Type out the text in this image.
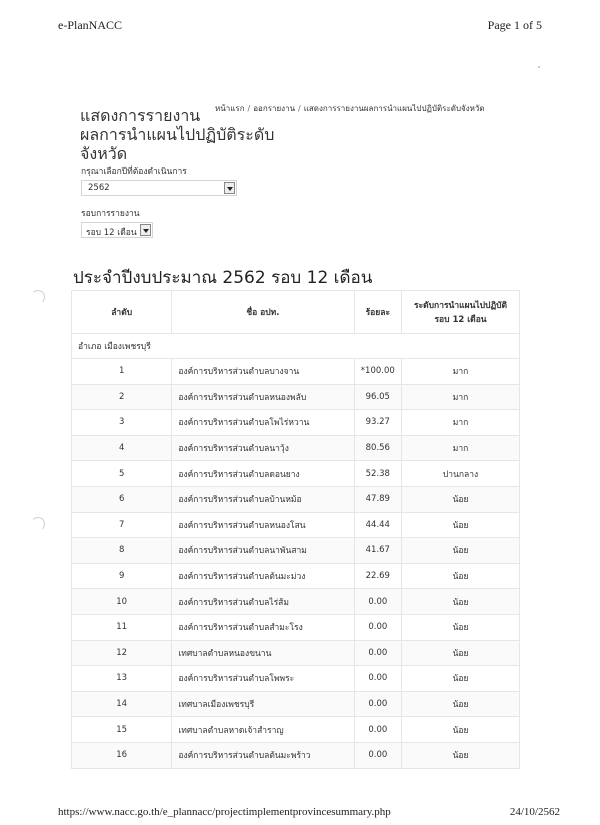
e-PlanNACC	Page 1 of 5
หน้าแรก / ออกรายงาน / แสดงการรายงานผลการนำแผนไปปฏิบัติระดับจังหวัด
แสดงการรายงาน
ผลการนำแผนไปปฏิบัติระดับจังหวัด
กรุณาเลือกปีที่ต้องดำเนินการ
2562
รอบการรายงาน
รอบ 12 เดือน
ประจำปีงบประมาณ 2562 รอบ 12 เดือน
ลำดับ	ชื่อ อปท.	ร้อยละ	ระดับการนำแผนไปปฏิบัติ
รอบ 12 เดือน
อำเภอ เมืองเพชรบุรี			
1	องค์การบริหารส่วนตำบลบางจาน	*100.00	มาก
2	องค์การบริหารส่วนตำบลหนองพลับ	96.05	มาก
3	องค์การบริหารส่วนตำบลโพไร่หวาน	93.27	มาก
4	องค์การบริหารส่วนตำบลนาวุ้ง	80.56	มาก
5	องค์การบริหารส่วนตำบลดอนยาง	52.38	ปานกลาง
6	องค์การบริหารส่วนตำบลบ้านหม้อ	47.89	น้อย
7	องค์การบริหารส่วนตำบลหนองโสน	44.44	น้อย
8	องค์การบริหารส่วนตำบลนาพันสาม	41.67	น้อย
9	องค์การบริหารส่วนตำบลต้นมะม่วง	22.69	น้อย
10	องค์การบริหารส่วนตำบลไร่ส้ม	0.00	น้อย
11	องค์การบริหารส่วนตำบลสำมะโรง	0.00	น้อย
12	เทศบาลตำบลหนองขนาน	0.00	น้อย
13	องค์การบริหารส่วนตำบลโพพระ	0.00	น้อย
14	เทศบาลเมืองเพชรบุรี	0.00	น้อย
15	เทศบาลตำบลหาดเจ้าสำราญ	0.00	น้อย
16	องค์การบริหารส่วนตำบลต้นมะพร้าว	0.00	น้อย
https://www.nacc.go.th/e_plannacc/projectimplementprovincesummary.php	24/10/2562
